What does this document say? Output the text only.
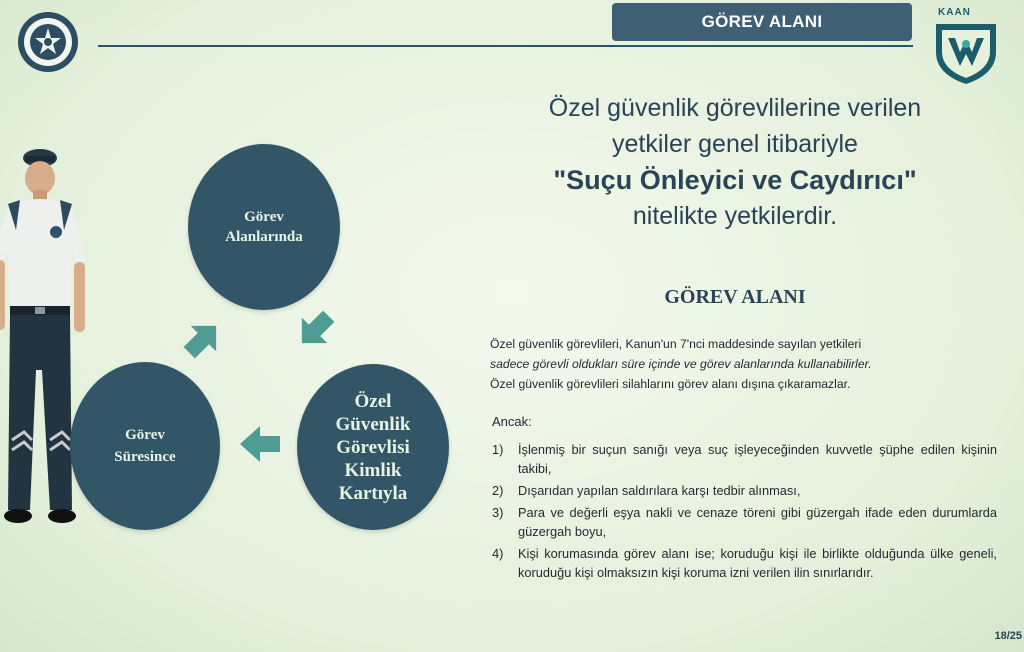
GÖREV ALANI	KAAN
Görev
Alanlarında
Görev
Süresince
Özel
Güvenlik
Görevlisi
Kimlik
Kartıyla
Özel güvenlik görevlilerine verilen
yetkiler genel itibariyle
"Suçu Önleyici ve Caydırıcı"
nitelikte yetkilerdir.
GÖREV ALANI

Özel güvenlik görevlileri, Kanun'un 7'nci maddesinde sayılan yetkileri

sadece görevli oldukları süre içinde ve görev alanlarında kullanabilirler.

Özel güvenlik görevlileri silahlarını görev alanı dışına çıkaramazlar.

Ancak:
1)	İşlenmiş bir suçun sanığı veya suç işleyeceğinden kuvvetle şüphe edilen kişinin takibi,
2)	Dışarıdan yapılan saldırılara karşı tedbir alınması,
3)	Para ve değerli eşya nakli ve cenaze töreni gibi güzergah ifade eden durumlarda güzergah boyu,
4)	Kişi korumasında görev alanı ise; koruduğu kişi ile birlikte olduğunda ülke geneli, koruduğu kişi olmaksızın kişi koruma izni verilen ilin sınırlarıdır.
18/25
